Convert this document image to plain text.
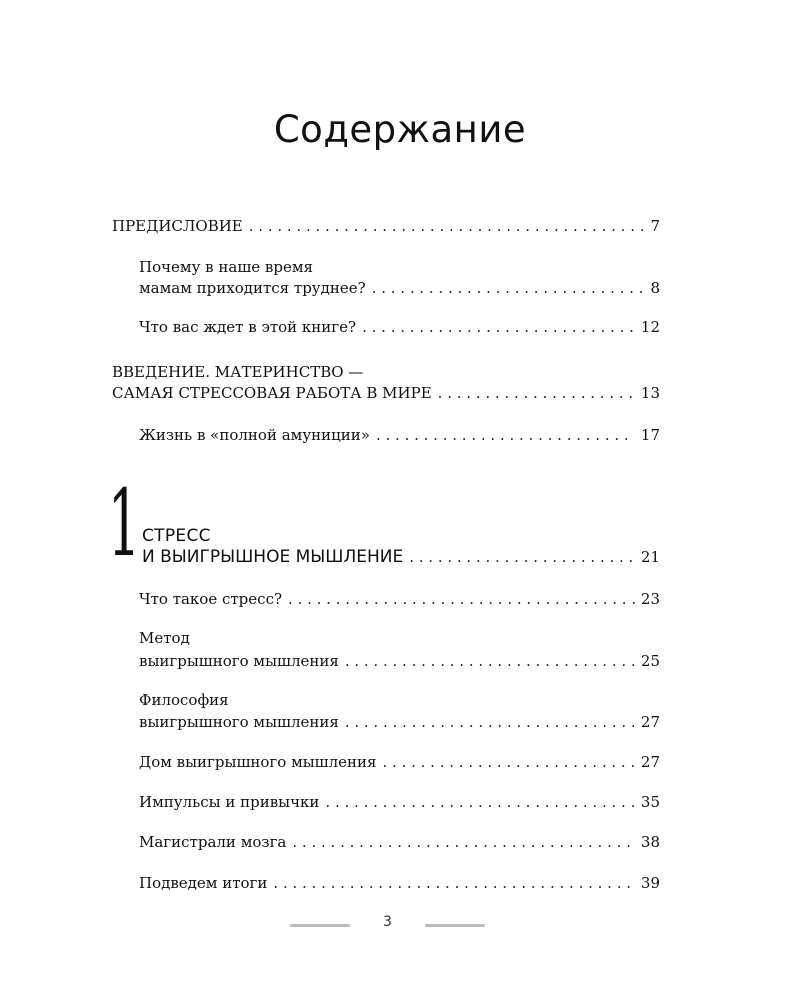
Содержание
ПРЕДИСЛОВИЕ . . .	7
Почему в наше время
мамам приходится труднее? . . .	8
Что вас ждет в этой книге? . . .	12
ВВЕДЕНИЕ. МАТЕРИНСТВО —
САМАЯ СТРЕССОВАЯ РАБОТА В МИРЕ . . .	13
Жизнь в «полной амуниции» . . .	17
1 СТРЕСС
И ВЫИГРЫШНОЕ МЫШЛЕНИЕ . . .	21
Что такое стресс? . . .	23
Метод
выигрышного мышления . . .	25
Философия
выигрышного мышления . . .	27
Дом выигрышного мышления . . .	27
Импульсы и привычки . . .	35
Магистрали мозга . . .	38
Подведем итоги . . .	39
3
